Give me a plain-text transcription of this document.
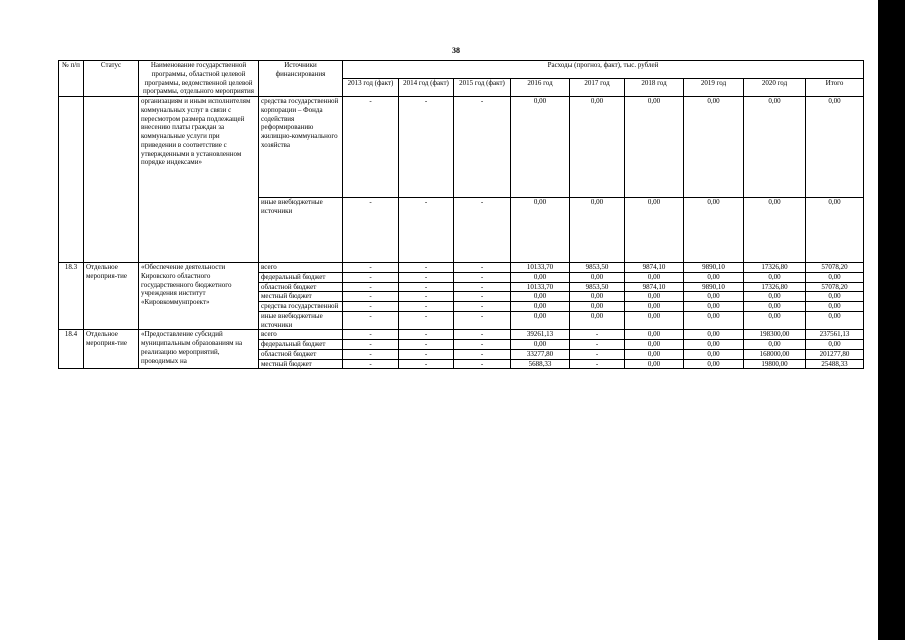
38
№ п/п	Статус	Наименование государственной программы, областной целевой программы, ведомственной целевой программы, отдельного мероприятия	Источники финансирования	Расходы (прогноз, факт), тыс. рублей								
				2013 год (факт)	2014 год (факт)	2015 год (факт)	2016 год	2017 год	2018 год	2019 год	2020 год	Итого
		организациям и иным исполнителям коммунальных услуг в связи с пересмотром размера подлежащей внесению платы граждан за коммунальные услуги при приведении в соответствие с утвержденными в установленном порядке индексами»	средства государственной корпорации – Фонда содействия реформированию жилищно-коммунального хозяйства	-	-	-	0,00	0,00	0,00	0,00	0,00	0,00
			иные внебюджетные источники	-	-	-	0,00	0,00	0,00	0,00	0,00	0,00
18.3	Отдельное мероприя-тие	«Обеспечение деятельности Кировского областного государственного бюджетного учреждения институт «Кировкоммунпроект»	всего	-	-	-	10133,70	9853,50	9874,10	9890,10	17326,80	57078,20
			федеральный бюджет	-	-	-	0,00	0,00	0,00	0,00	0,00	0,00
			областной бюджет	-	-	-	10133,70	9853,50	9874,10	9890,10	17326,80	57078,20
			местный бюджет	-	-	-	0,00	0,00	0,00	0,00	0,00	0,00
			средства государственной	-	-	-	0,00	0,00	0,00	0,00	0,00	0,00
			иные внебюджетные источники	-	-	-	0,00	0,00	0,00	0,00	0,00	0,00
18.4	Отдельное мероприя-тие	«Предоставление субсидий муниципальным образованиям на реализацию мероприятий, проводимых на	всего	-	-	-	39261,13	-	0,00	0,00	198300,00	237561,13
			федеральный бюджет	-	-	-	0,00	-	0,00	0,00	0,00	0,00
			областной бюджет	-	-	-	33277,80	-	0,00	0,00	168000,00	201277,80
			местный бюджет	-	-	-	5688,33	-	0,00	0,00	19800,00	25488,33
